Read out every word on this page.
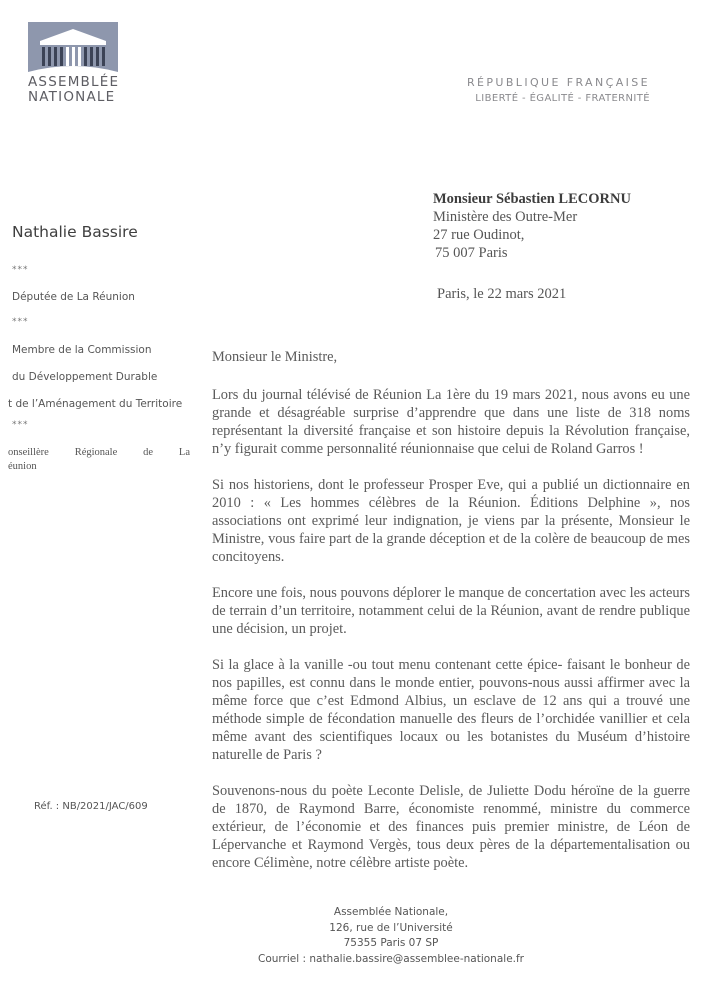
ASSEMBLÉE
NATIONALE
RÉPUBLIQUE FRANÇAISE
LIBERTÉ - ÉGALITÉ - FRATERNITÉ
Nathalie Bassire
***
Députée de La Réunion
***
Membre de la Commission
du Développement Durable
t de l’Aménagement du Territoire
***
onseillère Régionale de La
éunion
Réf. : NB/2021/JAC/609
Monsieur Sébastien LECORNU
Ministère des Outre-Mer
27 rue Oudinot,
75 007 Paris
Paris, le 22 mars 2021

Monsieur le Ministre,

Lors du journal télévisé de Réunion La 1ère du 19 mars 2021, nous avons eu une grande et désagréable surprise d’apprendre que dans une liste de 318 noms représentant la diversité française et son histoire depuis la Révolution française, n’y figurait comme personnalité réunionnaise que celui de Roland Garros !

Si nos historiens, dont le professeur Prosper Eve, qui a publié un dictionnaire en 2010 : « Les hommes célèbres de la Réunion. Éditions Delphine », nos associations ont exprimé leur indignation, je viens par la présente, Monsieur le Ministre, vous faire part de la grande déception et de la colère de beaucoup de mes concitoyens.

Encore une fois, nous pouvons déplorer le manque de concertation avec les acteurs de terrain d’un territoire, notamment celui de la Réunion, avant de rendre publique une décision, un projet.

Si la glace à la vanille -ou tout menu contenant cette épice- faisant le bonheur de nos papilles, est connu dans le monde entier, pouvons-nous aussi affirmer avec la même force que c’est Edmond Albius, un esclave de 12 ans qui a trouvé une méthode simple de fécondation manuelle des fleurs de l’orchidée vanillier et cela même avant des scientifiques locaux ou les botanistes du Muséum d’histoire naturelle de Paris ?

Souvenons-nous du poète Leconte Delisle, de Juliette Dodu héroïne de la guerre de 1870, de Raymond Barre, économiste renommé, ministre du commerce extérieur, de l’économie et des finances puis premier ministre, de Léon de Lépervanche et Raymond Vergès, tous deux pères de la départementalisation ou encore Célimène, notre célèbre artiste poète.

Assemblée Nationale,
126, rue de l’Université
75355 Paris 07 SP
Courriel : nathalie.bassire@assemblee-nationale.fr
